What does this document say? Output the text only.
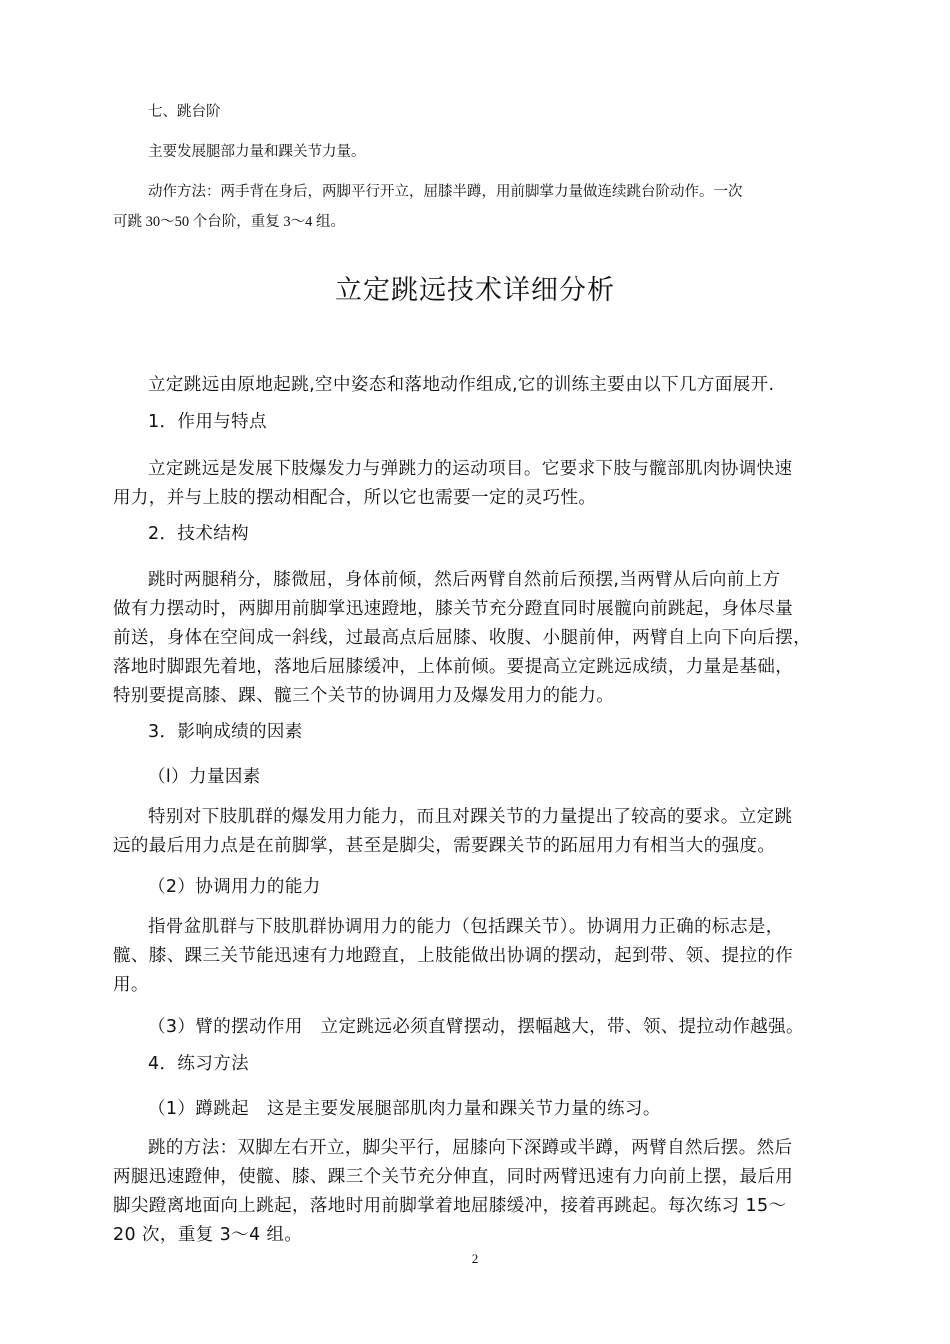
七、跳台阶
主要发展腿部力量和踝关节力量。
动作方法：两手背在身后，两脚平行开立，屈膝半蹲，用前脚掌力量做连续跳台阶动作。一次
可跳 30～50 个台阶，重复 3～4 组。
立定跳远技术详细分析
立定跳远由原地起跳,空中姿态和落地动作组成,它的训练主要由以下几方面展开.
1．作用与特点
立定跳远是发展下肢爆发力与弹跳力的运动项目。它要求下肢与髋部肌肉协调快速
用力，并与上肢的摆动相配合，所以它也需要一定的灵巧性。
2．技术结构
跳时两腿稍分，膝微屈，身体前倾，然后两臂自然前后预摆,当两臂从后向前上方
做有力摆动时，两脚用前脚掌迅速蹬地，膝关节充分蹬直同时展髋向前跳起，身体尽量
前送，身体在空间成一斜线，过最高点后屈膝、收腹、小腿前伸，两臂自上向下向后摆，
落地时脚跟先着地，落地后屈膝缓冲，上体前倾。要提高立定跳远成绩，力量是基础，
特别要提高膝、踝、髋三个关节的协调用力及爆发用力的能力。
3．影响成绩的因素
（l）力量因素
特别对下肢肌群的爆发用力能力，而且对踝关节的力量提出了较高的要求。立定跳
远的最后用力点是在前脚掌，甚至是脚尖，需要踝关节的跖屈用力有相当大的强度。
（2）协调用力的能力
指骨盆肌群与下肢肌群协调用力的能力（包括踝关节）。协调用力正确的标志是，
髋、膝、踝三关节能迅速有力地蹬直，上肢能做出协调的摆动，起到带、领、提拉的作
用。
（3）臂的摆动作用　立定跳远必须直臂摆动，摆幅越大，带、领、提拉动作越强。
4．练习方法
（1）蹲跳起　这是主要发展腿部肌肉力量和踝关节力量的练习。
跳的方法：双脚左右开立，脚尖平行，屈膝向下深蹲或半蹲，两臂自然后摆。然后
两腿迅速蹬伸，使髋、膝、踝三个关节充分伸直，同时两臂迅速有力向前上摆，最后用
脚尖蹬离地面向上跳起，落地时用前脚掌着地屈膝缓冲，接着再跳起。每次练习 15～
20 次，重复 3～4 组。
2
